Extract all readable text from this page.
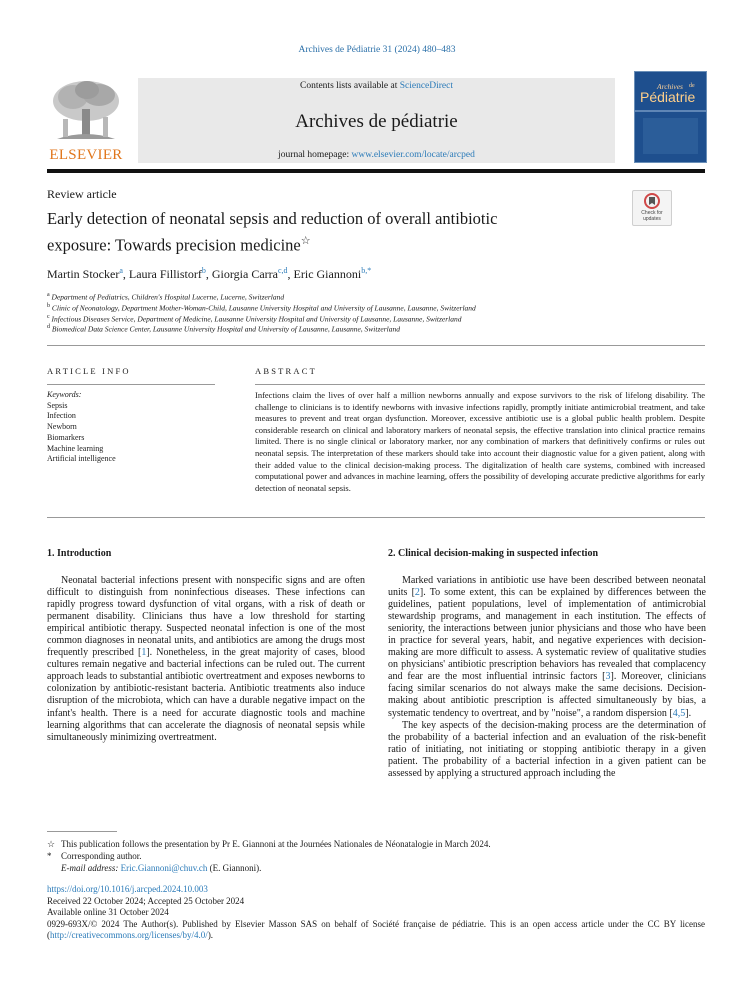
Archives de Pédiatrie 31 (2024) 480–483
ELSEVIER
Contents lists available at ScienceDirect
Archives de pédiatrie
journal homepage: www.elsevier.com/locate/arcped
Archives de
Pédiatrie
Review article
Early detection of neonatal sepsis and reduction of overall antibiotic
exposure: Towards precision medicine☆
Check for updates
Martin Stocker$^a$, Laura Fillistorf$^b$, Giorgia Carra$^{c,d}$, Eric Giannoni$^{b,*}$
$^a$ Department of Pediatrics, Children's Hospital Lucerne, Lucerne, Switzerland
$^b$ Clinic of Neonatology, Department Mother-Woman-Child, Lausanne University Hospital and University of Lausanne, Lausanne, Switzerland
$^c$ Infectious Diseases Service, Department of Medicine, Lausanne University Hospital and University of Lausanne, Lausanne, Switzerland
$^d$ Biomedical Data Science Center, Lausanne University Hospital and University of Lausanne, Lausanne, Switzerland
ARTICLE INFO
Keywords:
Sepsis
Infection
Newborn
Biomarkers
Machine learning
Artificial intelligence
ABSTRACT
Infections claim the lives of over half a million newborns annually and expose survivors to the risk of lifelong disability. The challenge to clinicians is to identify newborns with invasive infections rapidly, promptly initiate antimicrobial treatment, and take measures to prevent and treat organ dysfunction. Moreover, excessive antibiotic use is a global public health problem. Despite considerable research on clinical and laboratory markers of neonatal sepsis, the effective translation into clinical practice remains limited. There is no single clinical or laboratory marker, nor any combination of markers that definitively confirms or rules out neonatal sepsis. The interpretation of these markers should take into account their diagnostic value for a given patient, along with their added value to the clinical decision-making process. The digitalization of health care systems, combined with increased computational power and advances in machine learning, offers the possibility of developing accurate predictive algorithms for early detection of neonatal sepsis.
1. Introduction

Neonatal bacterial infections present with nonspecific signs and are often difficult to distinguish from noninfectious diseases. These infections can rapidly progress toward dysfunction of vital organs, with a risk of death or permanent disability. Clinicians thus have a low threshold for starting empirical antibiotic therapy. Suspected neonatal infection is one of the most common diagnoses in neonatal units, and antibiotics are among the drugs most frequently prescribed [1]. Nonetheless, in the great majority of cases, blood cultures remain negative and bacterial infections can be ruled out. The current approach leads to substantial antibiotic overtreatment and exposes newborns to colonization by antibiotic-resistant bacteria. Antibiotic treatments also induce disruption of the microbiota, which can have a durable negative impact on the infant's health. There is a need for accurate diagnostic tools and machine learning algorithms that can accelerate the diagnosis of neonatal sepsis while simultaneously minimizing overtreatment.

2. Clinical decision-making in suspected infection

Marked variations in antibiotic use have been described between neonatal units [2]. To some extent, this can be explained by differences between the guidelines, patient populations, level of implementation of antimicrobial stewardship programs, and management in each institution. The effects of seniority, the interactions between junior physicians and those who have been in practice for several years, habit, and negative experiences with decision-making are more difficult to assess. A systematic review of qualitative studies on physicians' antibiotic prescription behaviors has revealed that complacency and fear are the most influential intrinsic factors [3]. Moreover, clinicians facing similar scenarios do not always make the same decisions. Decision-making about antibiotic prescription is affected simultaneously by bias, a systematic tendency to overtreat, and by "noise", a random dispersion [4,5].

The key aspects of the decision-making process are the determination of the probability of a bacterial infection and an evaluation of the risk-benefit ratio of initiating, not initiating or stopping antibiotic therapy in a given patient. The probability of a bacterial infection in a given patient can be assessed by applying a structured approach including the

☆ This publication follows the presentation by Pr E. Giannoni at the Journées Nationales de Néonatalogie in March 2024.
* Corresponding author.
E-mail address: Eric.Giannoni@chuv.ch (E. Giannoni).
https://doi.org/10.1016/j.arcped.2024.10.003
Received 22 October 2024; Accepted 25 October 2024
Available online 31 October 2024
0929-693X/© 2024 The Author(s). Published by Elsevier Masson SAS on behalf of Société française de pédiatrie. This is an open access article under the CC BY license (http://creativecommons.org/licenses/by/4.0/).
